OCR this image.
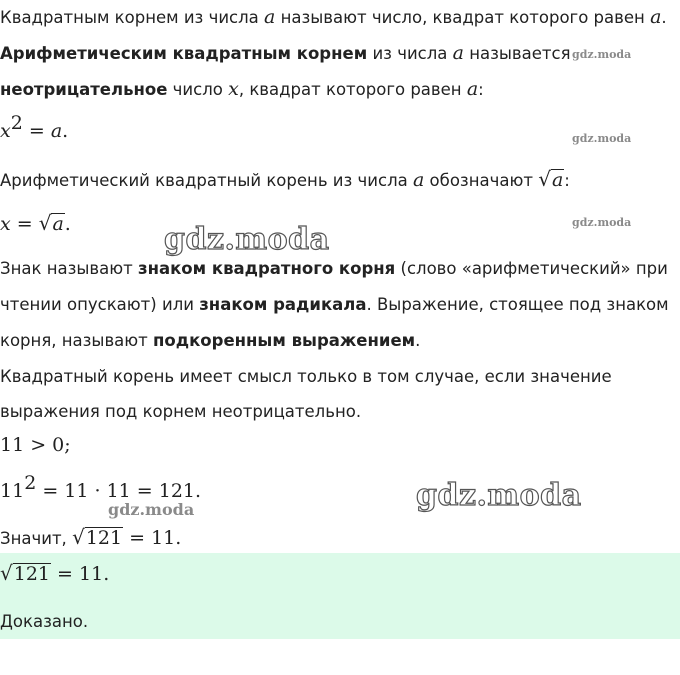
Квадратным корнем из числа a называют число, квадрат которого равен a.
Арифметическим квадратным корнем из числа a называется
неотрицательное число x, квадрат которого равен a:
$x^2 = a$.
Арифметический квадратный корень из числа a обозначают √a:
x = √a.
Знак называют знаком квадратного корня (слово «арифметический» при
чтении опускают) или знаком радикала. Выражение, стоящее под знаком
корня, называют подкоренным выражением.
Квадратный корень имеет смысл только в том случае, если значение
выражения под корнем неотрицательно.
11 > 0;
$11^2 = 11 \cdot 11 = 121$.
Значит, √121 = 11.
√121 = 11.
Доказано.
gdz.moda
gdz.moda
gdz.moda
gdz.moda
gdz.moda
gdz.moda
